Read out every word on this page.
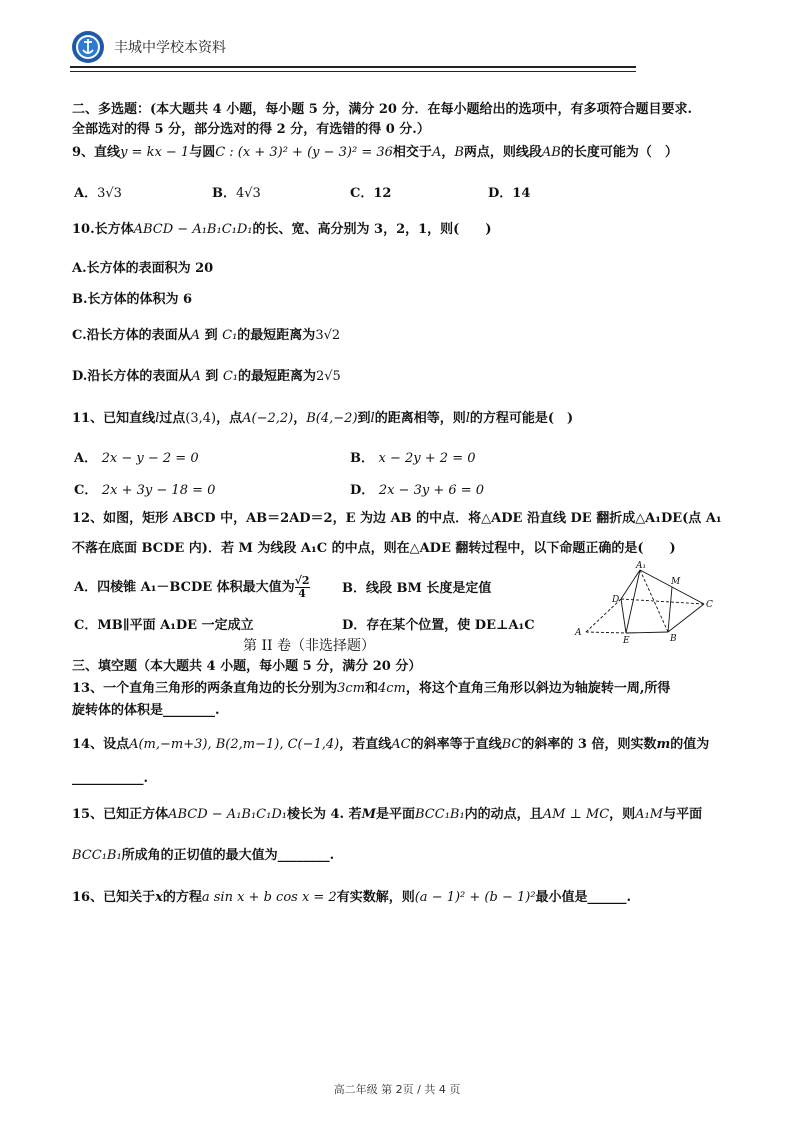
丰城中学校本资料
二、多选题：(本大题共 4 小题，每小题 5 分，满分 20 分．在每小题给出的选项中，有多项符合题目要求.
全部选对的得 5 分，部分选对的得 2 分，有选错的得 0 分.）
9、直线y = kx − 1与圆C : (x + 3)² + (y − 3)² = 36相交于A，B两点，则线段AB的长度可能为（　）
A．3√3	B．4√3	C．12	D．14
10.长方体ABCD − A₁B₁C₁D₁的长、宽、高分别为 3，2，1，则(　　)
A.长方体的表面积为 20
B.长方体的体积为 6
C.沿长方体的表面从A 到 C₁的最短距离为3√2
D.沿长方体的表面从A 到 C₁的最短距离为2√5
11、已知直线l过点(3,4)，点A(−2,2)，B(4,−2)到l的距离相等，则l的方程可能是(　)
A． 2x − y − 2 = 0	B． x − 2y + 2 = 0
C． 2x + 3y − 18 = 0	D． 2x − 3y + 6 = 0
12、如图，矩形 ABCD 中，AB＝2AD＝2，E 为边 AB 的中点．将△ADE 沿直线 DE 翻折成△A₁DE(点 A₁
不落在底面 BCDE 内)．若 M 为线段 A₁C 的中点，则在△ADE 翻转过程中，以下命题正确的是(　　)
A．四棱锥 A₁－BCDE 体积最大值为 $\frac{√2}{4}$ B．线段 BM 长度是定值
C．MB∥平面 A₁DE 一定成立	D．存在某个位置，使 DE⊥A₁C
A₁
M
D	C
A
E	B
第 II 卷（非选择题）
三、填空题（本大题共 4 小题，每小题 5 分，满分 20 分）
13、一个直角三角形的两条直角边的长分别为3cm和4cm，将这个直角三角形以斜边为轴旋转一周,所得
旋转体的体积是________.
14、设点A(m,−m+3), B(2,m−1), C(−1,4)，若直线AC的斜率等于直线BC的斜率的 3 倍，则实数m的值为
___________.
15、已知正方体ABCD − A₁B₁C₁D₁棱长为 4. 若M是平面BCC₁B₁内的动点，且AM ⊥ MC，则A₁M与平面
BCC₁B₁所成角的正切值的最大值为________.
16、已知关于x的方程a sin x + b cos x = 2有实数解，则(a − 1)² + (b − 1)²最小值是______.
高二年级 第 2页 / 共 4 页
